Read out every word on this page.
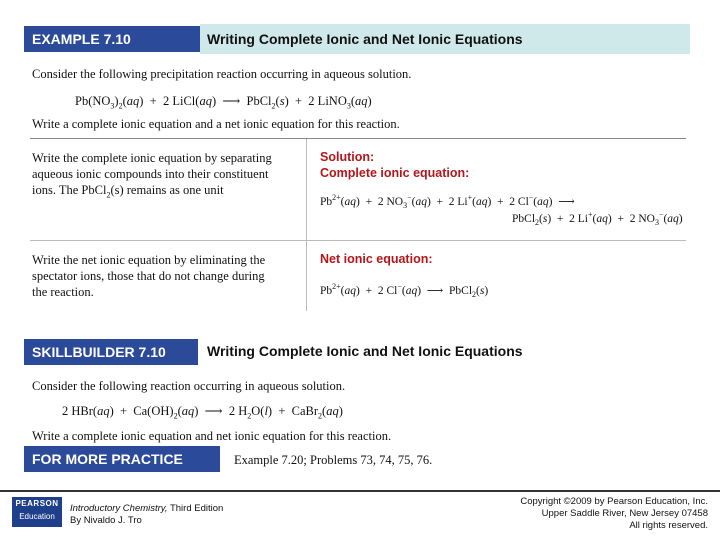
EXAMPLE 7.10	Writing Complete Ionic and Net Ionic Equations
Consider the following precipitation reaction occurring in aqueous solution.
$Pb(NO_3)_2(aq) + 2$ LiCl(aq)  ⟶  PbCl$_2$(s)  +  2 LiNO$_3$(aq)
Write a complete ionic equation and a net ionic equation for this reaction.
Write the complete ionic equation by separating aqueous ionic compounds into their constituent ions. The PbCl$_2$(s) remains as one unit
Solution:
Complete ionic equation:
$Pb^{2+}(aq) + 2$ $NO_3^-(aq) + 2$ Li+(aq)  +  2 Cl−(aq)  ⟶
PbCl$_2$(s)  +  2 Li+(aq)  +  2 $NO_3^-(aq)$
Write the net ionic equation by eliminating the spectator ions, those that do not change during the reaction.
Net ionic equation:
$Pb^{2+}(aq) + 2$ Cl−(aq)  ⟶  PbCl$_2$(s)
SKILLBUILDER 7.10	Writing Complete Ionic and Net Ionic Equations
Consider the following reaction occurring in aqueous solution.
2 $HBr(aq) + Ca(OH)_2(aq)$  ⟶  2 $H_2O(l)$  +  CaBr$_2$(aq)
Write a complete ionic equation and net ionic equation for this reaction.
FOR MORE PRACTICE	Example 7.20; Problems 73, 74, 75, 76.
PEARSON
Education
Introductory Chemistry, Third Edition
By Nivaldo J. Tro
Copyright ©2009 by Pearson Education, Inc.
Upper Saddle River, New Jersey 07458
All rights reserved.
